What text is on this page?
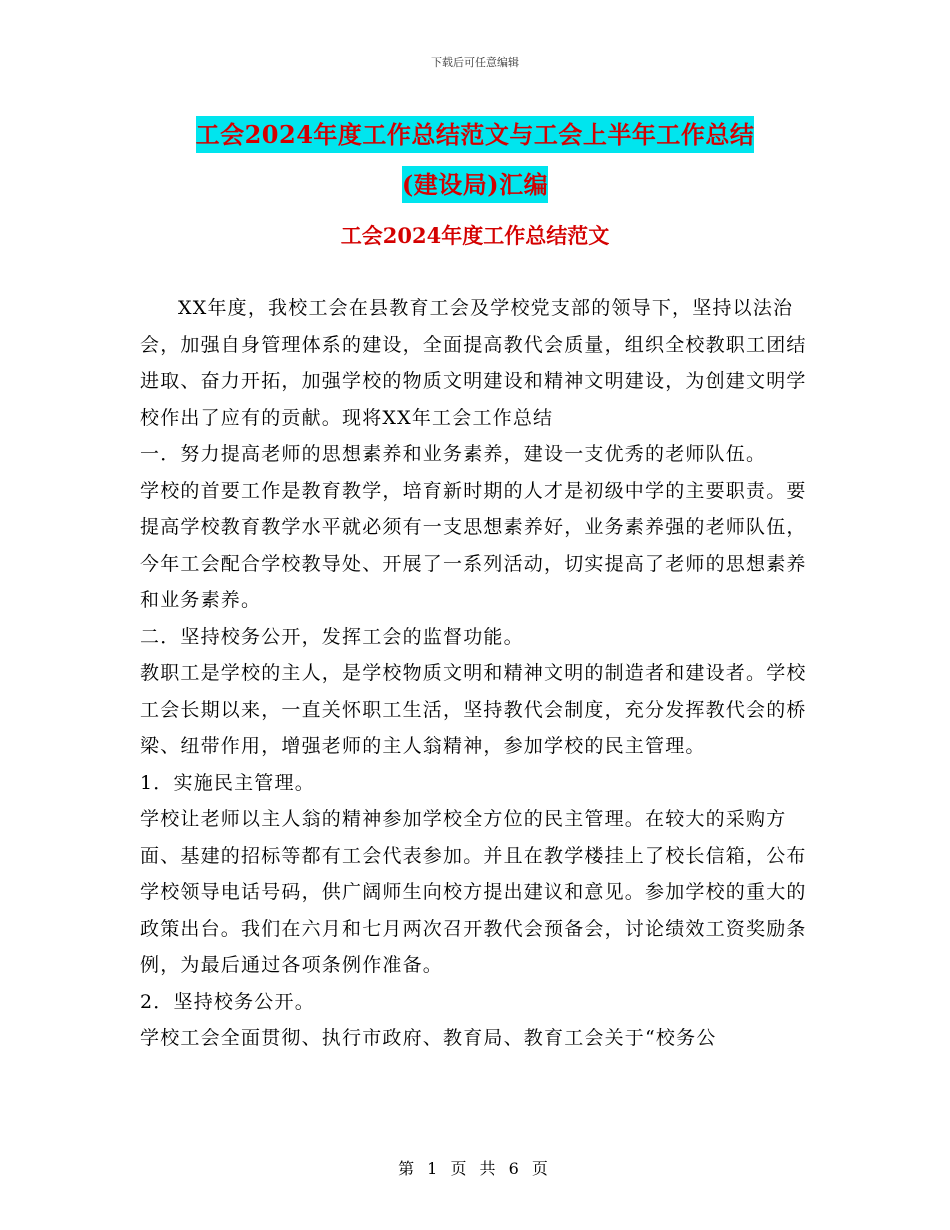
下载后可任意编辑
工会2024年度工作总结范文与工会上半年工作总结
(建设局)汇编
工会2024年度工作总结范文

XX年度，我校工会在县教育工会及学校党支部的领导下，坚持以法治会，加强自身管理体系的建设，全面提高教代会质量，组织全校教职工团结进取、奋力开拓，加强学校的物质文明建设和精神文明建设，为创建文明学校作出了应有的贡献。现将XX年工会工作总结

一．努力提高老师的思想素养和业务素养，建设一支优秀的老师队伍。

学校的首要工作是教育教学，培育新时期的人才是初级中学的主要职责。要提高学校教育教学水平就必须有一支思想素养好，业务素养强的老师队伍，今年工会配合学校教导处、开展了一系列活动，切实提高了老师的思想素养和业务素养。

二．坚持校务公开，发挥工会的监督功能。

教职工是学校的主人，是学校物质文明和精神文明的制造者和建设者。学校工会长期以来，一直关怀职工生活，坚持教代会制度，充分发挥教代会的桥梁、纽带作用，增强老师的主人翁精神，参加学校的民主管理。

1．实施民主管理。

学校让老师以主人翁的精神参加学校全方位的民主管理。在较大的采购方面、基建的招标等都有工会代表参加。并且在教学楼挂上了校长信箱，公布学校领导电话号码，供广阔师生向校方提出建议和意见。参加学校的重大的政策出台。我们在六月和七月两次召开教代会预备会，讨论绩效工资奖励条例，为最后通过各项条例作准备。

2．坚持校务公开。

学校工会全面贯彻、执行市政府、教育局、教育工会关于“校务公

第 1 页 共 6 页
